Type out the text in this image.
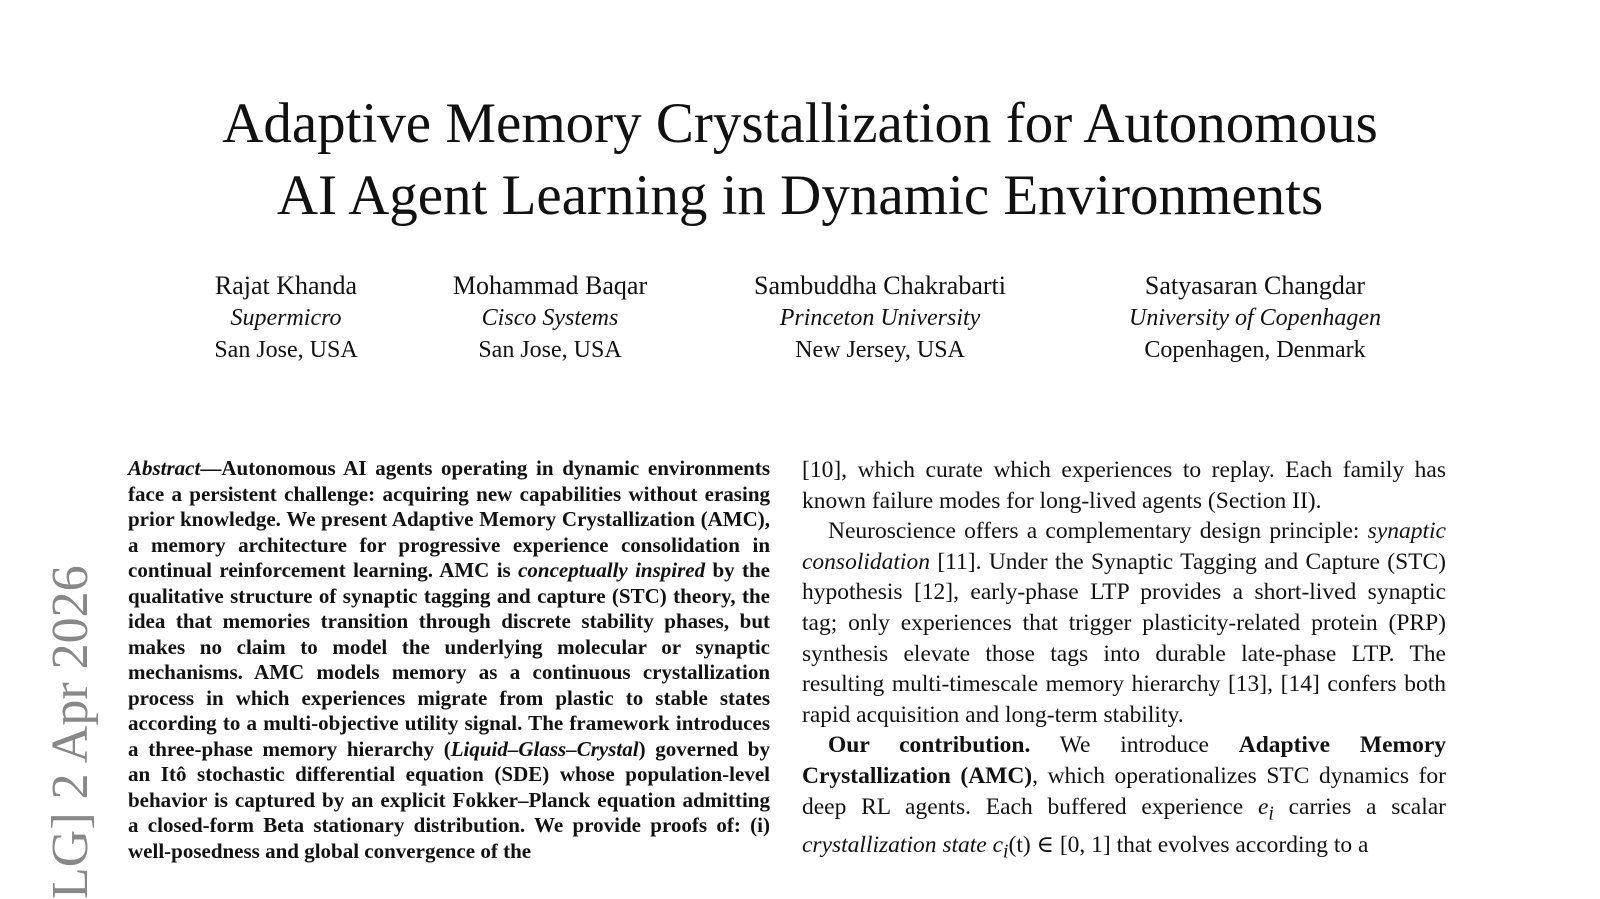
Adaptive Memory Crystallization for Autonomous
AI Agent Learning in Dynamic Environments
Rajat Khanda
Supermicro
San Jose, USA
Mohammad Baqar
Cisco Systems
San Jose, USA
Sambuddha Chakrabarti
Princeton University
New Jersey, USA
Satyasaran Changdar
University of Copenhagen
Copenhagen, Denmark
LG] 2 Apr 2026

Abstract—Autonomous AI agents operating in dynamic environments face a persistent challenge: acquiring new capabilities without erasing prior knowledge. We present Adaptive Memory Crystallization (AMC), a memory architecture for progressive experience consolidation in continual reinforcement learning. AMC is conceptually inspired by the qualitative structure of synaptic tagging and capture (STC) theory, the idea that memories transition through discrete stability phases, but makes no claim to model the underlying molecular or synaptic mechanisms. AMC models memory as a continuous crystallization process in which experiences migrate from plastic to stable states according to a multi-objective utility signal. The framework introduces a three-phase memory hierarchy (Liquid–Glass–Crystal) governed by an Itô stochastic differential equation (SDE) whose population-level behavior is captured by an explicit Fokker–Planck equation admitting a closed-form Beta stationary distribution. We provide proofs of: (i) well-posedness and global convergence of the

[10], which curate which experiences to replay. Each family has known failure modes for long-lived agents (Section II).

Neuroscience offers a complementary design principle: synaptic consolidation [11]. Under the Synaptic Tagging and Capture (STC) hypothesis [12], early-phase LTP provides a short-lived synaptic tag; only experiences that trigger plasticity-related protein (PRP) synthesis elevate those tags into durable late-phase LTP. The resulting multi-timescale memory hierarchy [13], [14] confers both rapid acquisition and long-term stability.

Our contribution. We introduce Adaptive Memory Crystallization (AMC), which operationalizes STC dynamics for deep RL agents. Each buffered experience $e_i$ carries a scalar crystallization state $c_i(t)$ ∈ [0, 1] that evolves according to a
